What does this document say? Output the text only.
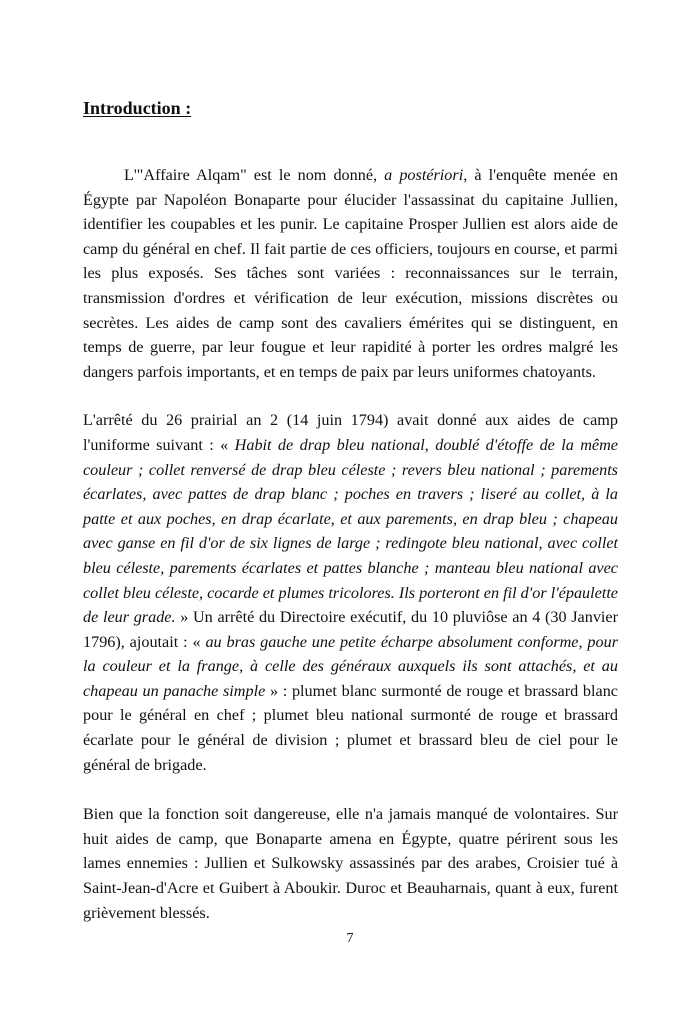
Introduction :

L'"Affaire Alqam" est le nom donné, a postériori, à l'enquête menée en Égypte par Napoléon Bonaparte pour élucider l'assassinat du capitaine Jullien, identifier les coupables et les punir. Le capitaine Prosper Jullien est alors aide de camp du général en chef. Il fait partie de ces officiers, toujours en course, et parmi les plus exposés. Ses tâches sont variées : reconnaissances sur le terrain, transmission d'ordres et vérification de leur exécution, missions discrètes ou secrètes. Les aides de camp sont des cavaliers émérites qui se distinguent, en temps de guerre, par leur fougue et leur rapidité à porter les ordres malgré les dangers parfois importants, et en temps de paix par leurs uniformes chatoyants.

L'arrêté du 26 prairial an 2 (14 juin 1794) avait donné aux aides de camp l'uniforme suivant : « Habit de drap bleu national, doublé d'étoffe de la même couleur ; collet renversé de drap bleu céleste ; revers bleu national ; parements écarlates, avec pattes de drap blanc ; poches en travers ; liseré au collet, à la patte et aux poches, en drap écarlate, et aux parements, en drap bleu ; chapeau avec ganse en fil d'or de six lignes de large ; redingote bleu national, avec collet bleu céleste, parements écarlates et pattes blanche ; manteau bleu national avec collet bleu céleste, cocarde et plumes tricolores. Ils porteront en fil d'or l'épaulette de leur grade. » Un arrêté du Directoire exécutif, du 10 pluviôse an 4 (30 Janvier 1796), ajoutait : « au bras gauche une petite écharpe absolument conforme, pour la couleur et la frange, à celle des généraux auxquels ils sont attachés, et au chapeau un panache simple » : plumet blanc surmonté de rouge et brassard blanc pour le général en chef ; plumet bleu national surmonté de rouge et brassard écarlate pour le général de division ; plumet et brassard bleu de ciel pour le général de brigade.

Bien que la fonction soit dangereuse, elle n'a jamais manqué de volontaires. Sur huit aides de camp, que Bonaparte amena en Égypte, quatre périrent sous les lames ennemies : Jullien et Sulkowsky assassinés par des arabes, Croisier tué à Saint-Jean-d'Acre et Guibert à Aboukir. Duroc et Beauharnais, quant à eux, furent grièvement blessés.

7
